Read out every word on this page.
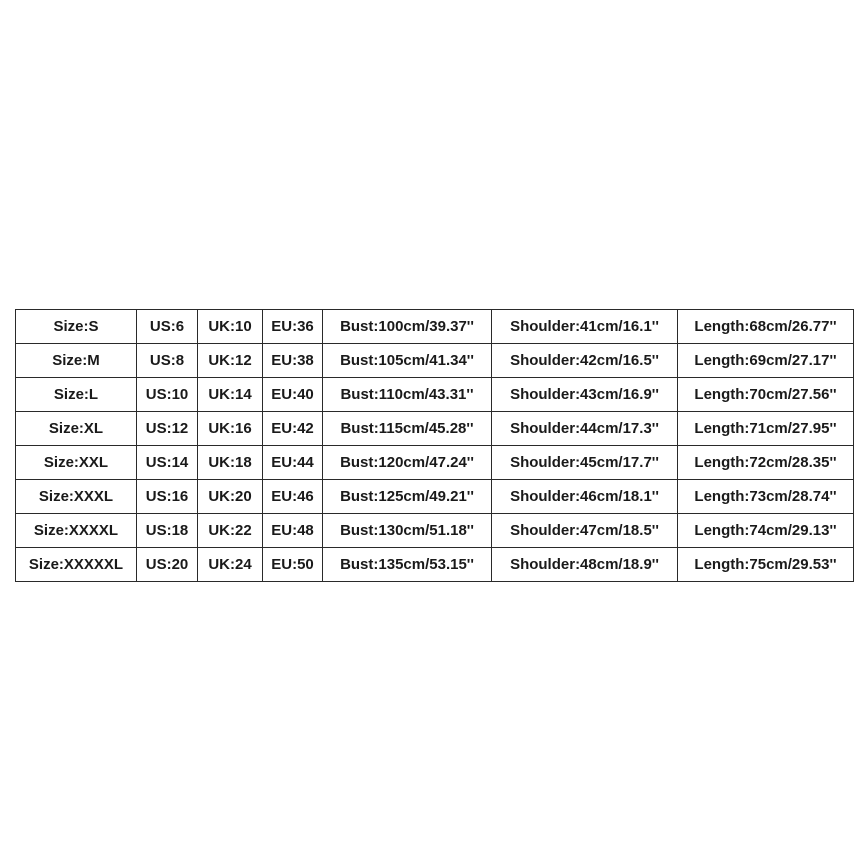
Size:S	US:6	UK:10	EU:36	Bust:100cm/39.37''	Shoulder:41cm/16.1''	Length:68cm/26.77''
Size:M	US:8	UK:12	EU:38	Bust:105cm/41.34''	Shoulder:42cm/16.5''	Length:69cm/27.17''
Size:L	US:10	UK:14	EU:40	Bust:110cm/43.31''	Shoulder:43cm/16.9''	Length:70cm/27.56''
Size:XL	US:12	UK:16	EU:42	Bust:115cm/45.28''	Shoulder:44cm/17.3''	Length:71cm/27.95''
Size:XXL	US:14	UK:18	EU:44	Bust:120cm/47.24''	Shoulder:45cm/17.7''	Length:72cm/28.35''
Size:XXXL	US:16	UK:20	EU:46	Bust:125cm/49.21''	Shoulder:46cm/18.1''	Length:73cm/28.74''
Size:XXXXL	US:18	UK:22	EU:48	Bust:130cm/51.18''	Shoulder:47cm/18.5''	Length:74cm/29.13''
Size:XXXXXL	US:20	UK:24	EU:50	Bust:135cm/53.15''	Shoulder:48cm/18.9''	Length:75cm/29.53''
